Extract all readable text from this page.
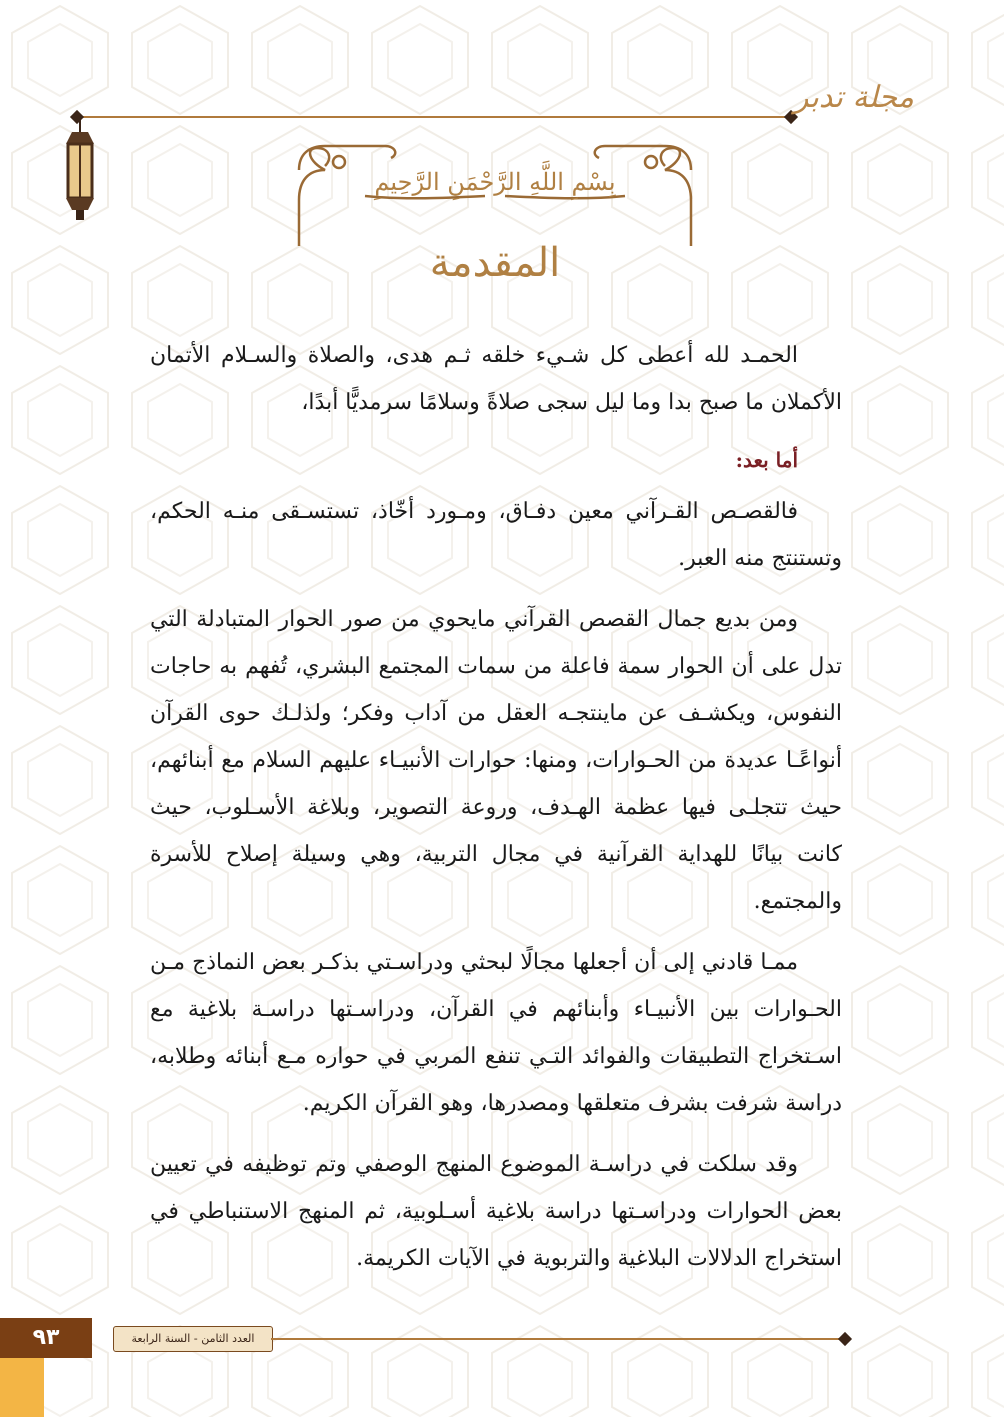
مجلة تدبر
بِسْمِ اللَّهِ الرَّحْمَنِ الرَّحِيمِ
المقدمة

الحمـد لله أعطى كل شـيء خلقه ثـم هدى، والصلاة والسـلام الأتمان الأكملان ما صبح بدا وما ليل سجى صلاةً وسلامًا سرمديًّا أبدًا،

أما بعد:

فالقصـص القـرآني معين دفـاق، ومـورد أخّاذ، تستسـقى منـه الحكم، وتستنتج منه العبر.

ومن بديع جمال القصص القرآني مايحوي من صور الحوار المتبادلة التي تدل على أن الحوار سمة فاعلة من سمات المجتمع البشري، تُفهم به حاجات النفوس، ويكشـف عن ماينتجـه العقل من آداب وفكر؛ ولذلـك حوى القرآن أنواعًـا عديدة من الحـوارات، ومنها: حوارات الأنبيـاء عليهم السلام مع أبنائهم، حيث تتجلـى فيها عظمة الهـدف، وروعة التصوير، وبلاغة الأسـلوب، حيث كانت بيانًا للهداية القرآنية في مجال التربية، وهي وسيلة إصلاح للأسرة والمجتمع.

ممـا قادني إلى أن أجعلها مجالًا لبحثي ودراسـتي بذكـر بعض النماذج مـن الحـوارات بين الأنبيـاء وأبنائهم في القرآن، ودراسـتها دراسـة بلاغية مع اسـتخراج التطبيقات والفوائد التـي تنفع المربي في حواره مـع أبنائه وطلابه، دراسة شرفت بشرف متعلقها ومصدرها، وهو القرآن الكريم.

وقد سلكت في دراسـة الموضوع المنهج الوصفي وتم توظيفه في تعيين بعض الحوارات ودراسـتها دراسة بلاغية أسـلوبية، ثم المنهج الاستنباطي في استخراج الدلالات البلاغية والتربوية في الآيات الكريمة.

٩٣	العدد الثامن - السنة الرابعة
